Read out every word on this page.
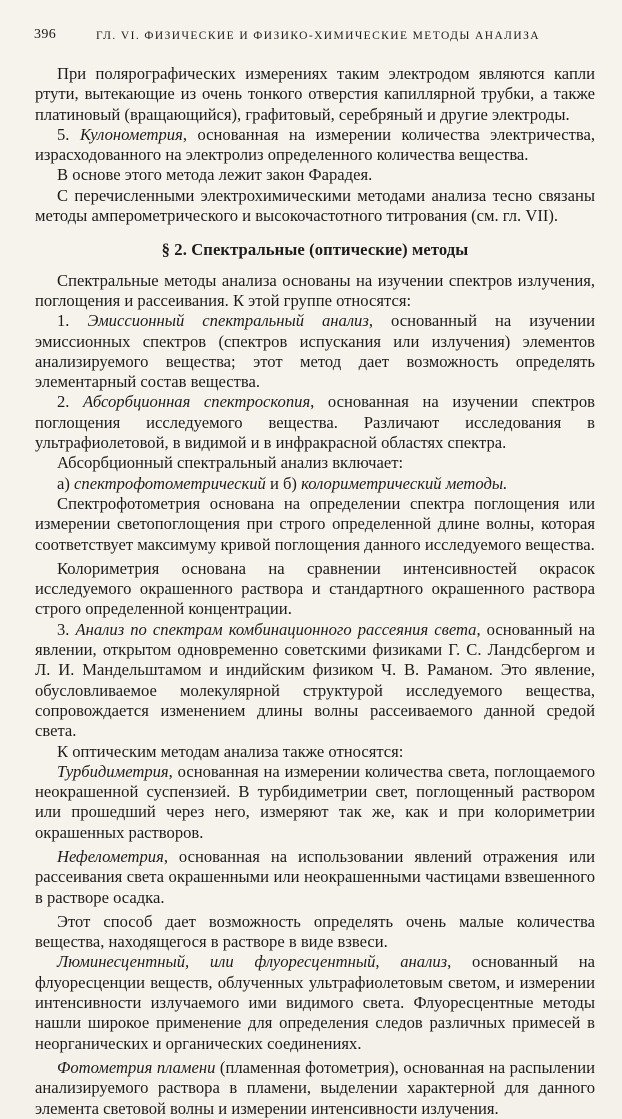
396	ГЛ. VI. ФИЗИЧЕСКИЕ И ФИЗИКО-ХИМИЧЕСКИЕ МЕТОДЫ АНАЛИЗА

При полярографических измерениях таким электродом являются капли ртути, вытекающие из очень тонкого отверстия капиллярной трубки, а также платиновый (вращающийся), графитовый, серебряный и другие электроды.

5. Кулонометрия, основанная на измерении количества электричества, израсходованного на электролиз определенного количества вещества.

В основе этого метода лежит закон Фарадея.

С перечисленными электрохимическими методами анализа тесно связаны методы амперометрического и высокочастотного титрования (см. гл. VII).

§ 2. Спектральные (оптические) методы

Спектральные методы анализа основаны на изучении спектров излучения, поглощения и рассеивания. К этой группе относятся:

1. Эмиссионный спектральный анализ, основанный на изучении эмиссионных спектров (спектров испускания или излучения) элементов анализируемого вещества; этот метод дает возможность определять элементарный состав вещества.

2. Абсорбционная спектроскопия, основанная на изучении спектров поглощения исследуемого вещества. Различают исследования в ультрафиолетовой, в видимой и в инфракрасной областях спектра.

Абсорбционный спектральный анализ включает:

а) спектрофотометрический и б) колориметрический методы.

Спектрофотометрия основана на определении спектра поглощения или измерении светопоглощения при строго определенной длине волны, которая соответствует максимуму кривой поглощения данного исследуемого вещества.

Колориметрия основана на сравнении интенсивностей окрасок исследуемого окрашенного раствора и стандартного окрашенного раствора строго определенной концентрации.

3. Анализ по спектрам комбинационного рассеяния света, основанный на явлении, открытом одновременно советскими физиками Г. С. Ландсбергом и Л. И. Мандельштамом и индийским физиком Ч. В. Раманом. Это явление, обусловливаемое молекулярной структурой исследуемого вещества, сопровождается изменением длины волны рассеиваемого данной средой света.

К оптическим методам анализа также относятся:

Турбидиметрия, основанная на измерении количества света, поглощаемого неокрашенной суспензией. В турбидиметрии свет, поглощенный раствором или прошедший через него, измеряют так же, как и при колориметрии окрашенных растворов.

Нефелометрия, основанная на использовании явлений отражения или рассеивания света окрашенными или неокрашенными частицами взвешенного в растворе осадка.

Этот способ дает возможность определять очень малые количества вещества, находящегося в растворе в виде взвеси.

Люминесцентный, или флуоресцентный, анализ, основанный на флуоресценции веществ, облученных ультрафиолетовым светом, и измерении интенсивности излучаемого ими видимого света. Флуоресцентные методы нашли широкое применение для определения следов различных примесей в неорганических и органических соединениях.

Фотометрия пламени (пламенная фотометрия), основанная на распылении анализируемого раствора в пламени, выделении характерной для данного элемента световой волны и измерении интенсивности излучения.
